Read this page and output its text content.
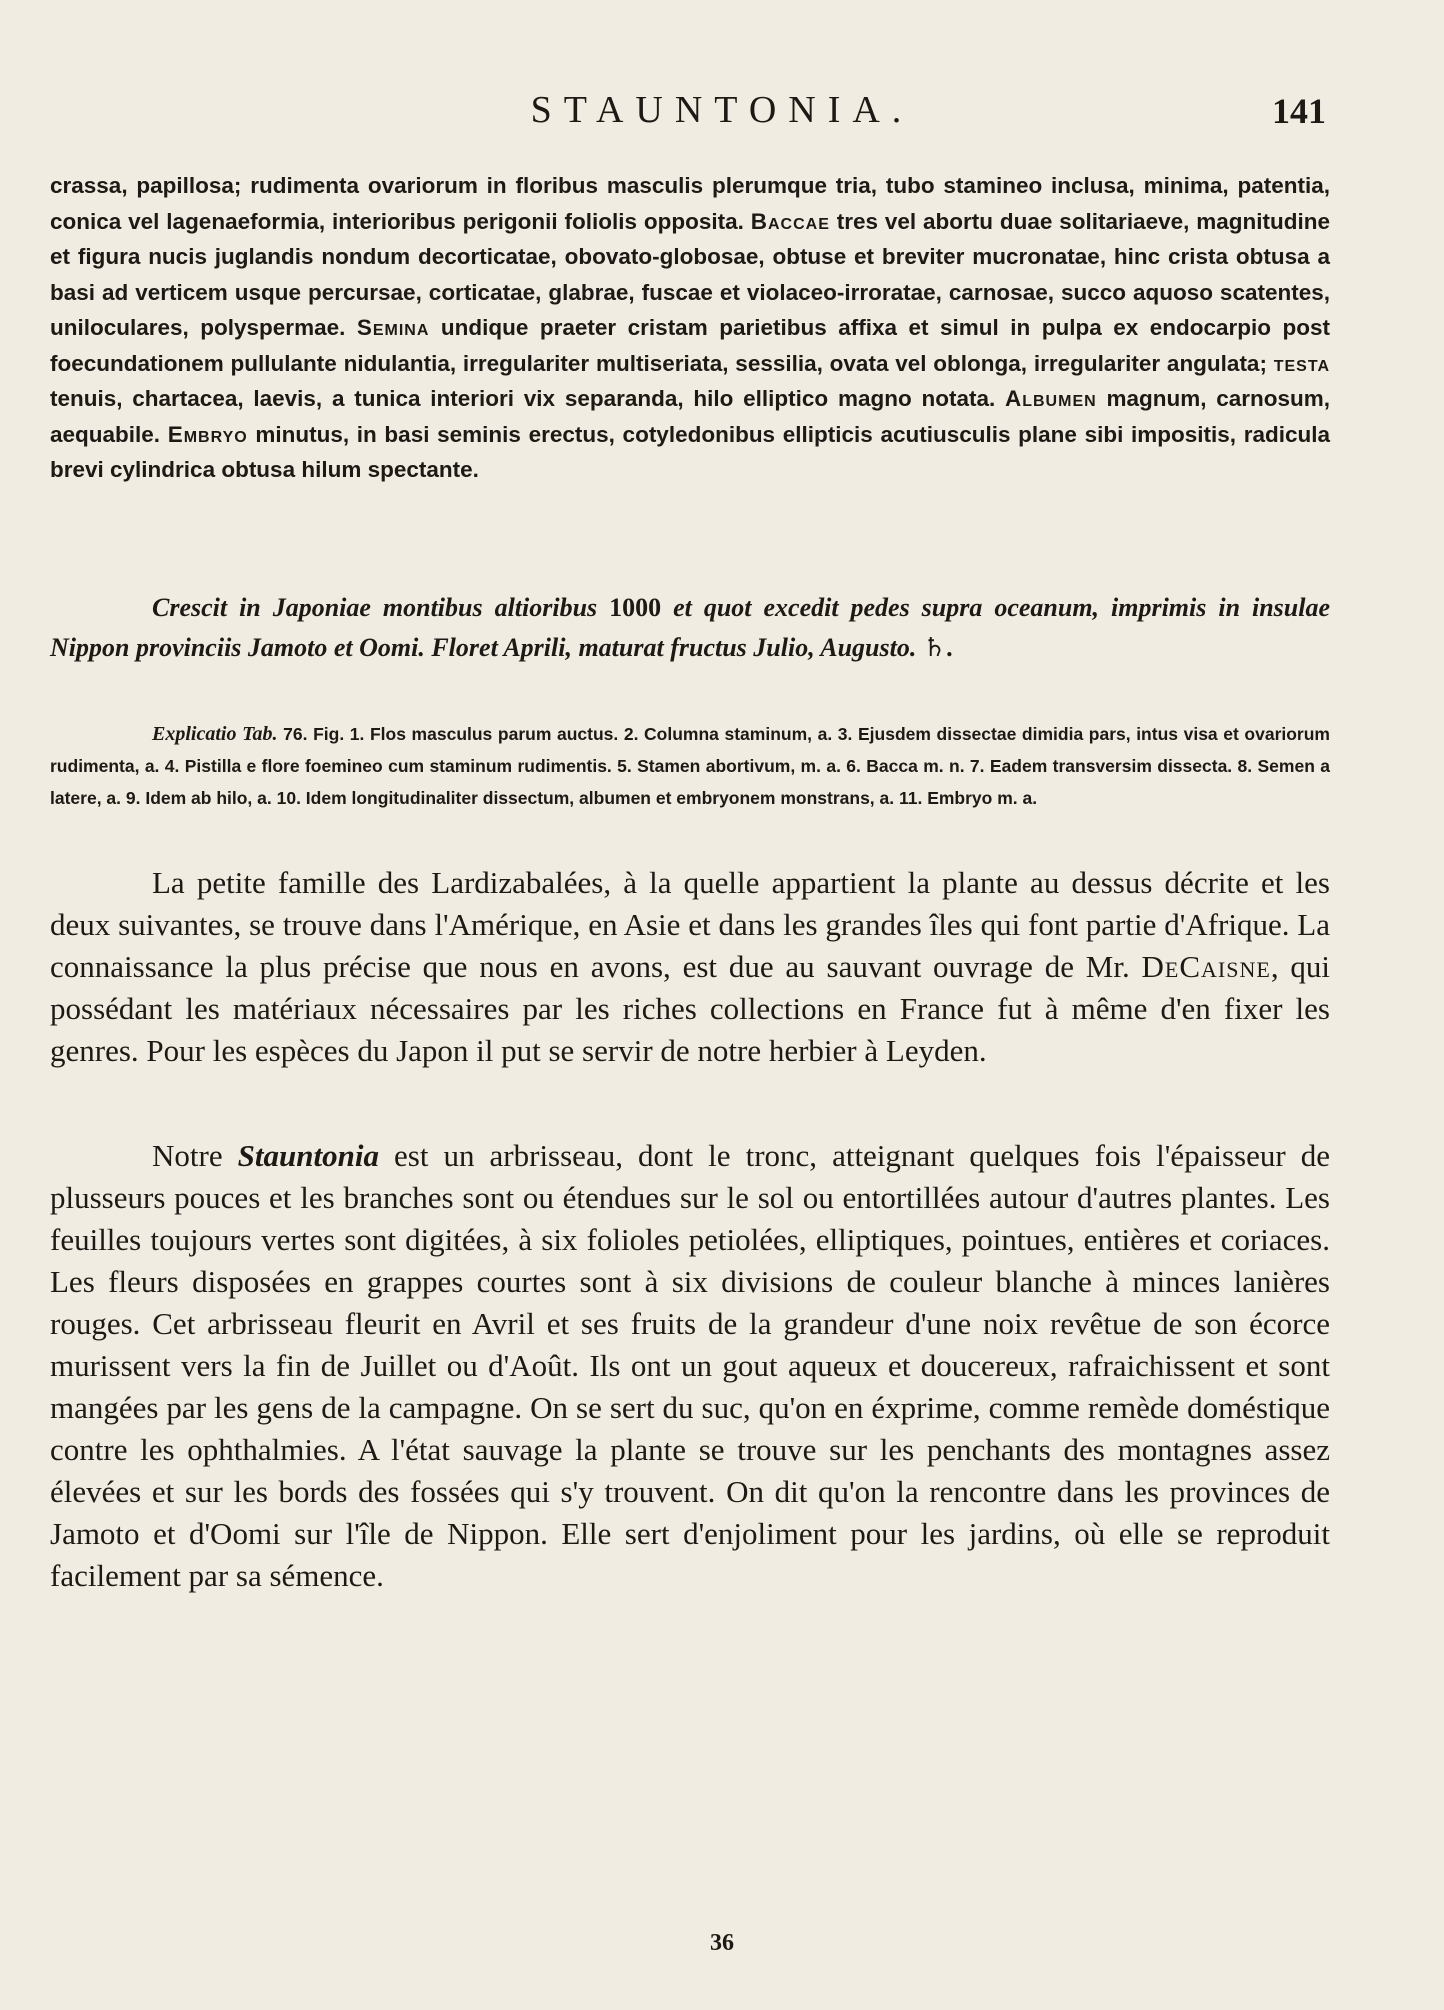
STAUNTONIA.	141

crassa, papillosa; rudimenta ovariorum in floribus masculis plerumque tria, tubo stamineo inclusa, minima, patentia, conica vel lagenaeformia, interioribus perigonii foliolis opposita. Baccae tres vel abortu duae solitariaeve, magnitudine et figura nucis juglandis nondum decorticatae, obovato-globosae, obtuse et breviter mucronatae, hinc crista obtusa a basi ad verticem usque percursae, corticatae, glabrae, fuscae et violaceo-irroratae, carnosae, succo aquoso scatentes, uniloculares, polyspermae. Semina undique praeter cristam parietibus affixa et simul in pulpa ex endocarpio post foecundationem pullulante nidulantia, irregulariter multiseriata, sessilia, ovata vel oblonga, irregulariter angulata; testa tenuis, chartacea, laevis, a tunica interiori vix separanda, hilo elliptico magno notata. Albumen magnum, carnosum, aequabile. Embryo minutus, in basi seminis erectus, cotyledonibus ellipticis acutiusculis plane sibi impositis, radicula brevi cylindrica obtusa hilum spectante.

Crescit in Japoniae montibus altioribus 1000 et quot excedit pedes supra oceanum, imprimis in insulae Nippon provinciis Jamoto et Oomi. Floret Aprili, maturat fructus Julio, Augusto. ♄.

Explicatio Tab. 76. Fig. 1. Flos masculus parum auctus. 2. Columna staminum, a. 3. Ejusdem dissectae dimidia pars, intus visa et ovariorum rudimenta, a. 4. Pistilla e flore foemineo cum staminum rudimentis. 5. Stamen abortivum, m. a. 6. Bacca m. n. 7. Eadem transversim dissecta. 8. Semen a latere, a. 9. Idem ab hilo, a. 10. Idem longitudinaliter dissectum, albumen et embryonem monstrans, a. 11. Embryo m. a.

La petite famille des Lardizabalées, à la quelle appartient la plante au dessus décrite et les deux suivantes, se trouve dans l'Amérique, en Asie et dans les grandes îles qui font partie d'Afrique. La connaissance la plus précise que nous en avons, est due au sauvant ouvrage de Mr. DeCaisne, qui possédant les matériaux nécessaires par les riches collections en France fut à même d'en fixer les genres. Pour les espèces du Japon il put se servir de notre herbier à Leyden.

Notre Stauntonia est un arbrisseau, dont le tronc, atteignant quelques fois l'épaisseur de plusseurs pouces et les branches sont ou étendues sur le sol ou entortillées autour d'autres plantes. Les feuilles toujours vertes sont digitées, à six folioles petiolées, elliptiques, pointues, entières et coriaces. Les fleurs disposées en grappes courtes sont à six divisions de couleur blanche à minces lanières rouges. Cet arbrisseau fleurit en Avril et ses fruits de la grandeur d'une noix revêtue de son écorce murissent vers la fin de Juillet ou d'Août. Ils ont un gout aqueux et doucereux, rafraichissent et sont mangées par les gens de la campagne. On se sert du suc, qu'on en éxprime, comme remède doméstique contre les ophthalmies. A l'état sauvage la plante se trouve sur les penchants des montagnes assez élevées et sur les bords des fossées qui s'y trouvent. On dit qu'on la rencontre dans les provinces de Jamoto et d'Oomi sur l'île de Nippon. Elle sert d'enjoliment pour les jardins, où elle se reproduit facilement par sa sémence.

36
